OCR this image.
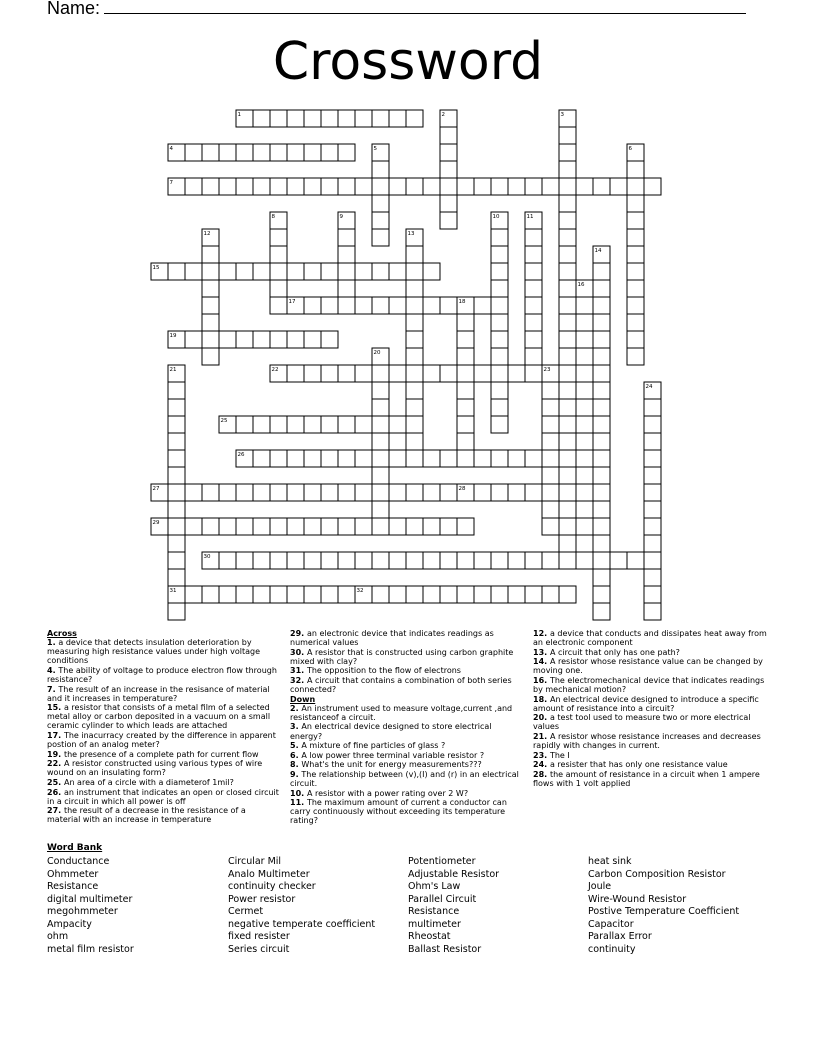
Name:
Crossword
1	2	3
4	5	6
7
8	9	10	11
12	13
14
15
16
17	18
19
20
21	22	23
24
25
26
27	28
29
30
31	32
Across
1. a device that detects insulation deterioration by measuring high resistance values under high voltage conditions
4. The ability of voltage to produce electron flow through resistance?
7. The result of an increase in the resisance of material and it increases in temperature?
15. a resistor that consists of a metal film of a selected metal alloy or carbon deposited in a vacuum on a small ceramic cylinder to which leads are attached
17. The inacurracy created by the difference in apparent postion of an analog meter?
19. the presence of a complete path for current flow
22. A resistor constructed using various types of wire wound on an insulating form?
25. An area of a circle with a diameterof 1mil?
26. an instrument that indicates an open or closed circuit in a circuit in which all power is off
27. the result of a decrease in the resistance of a material with an increase in temperature
29. an electronic device that indicates readings as numerical values
30. A resistor that is constructed using carbon graphite mixed with clay?
31. The opposition to the flow of electrons
32. A circuit that contains a combination of both series connected?
Down
2. An instrument used to measure voltage,current ,and resistanceof a circuit.
3. An electrical device designed to store electrical energy?
5. A mixture of fine particles of glass ?
6. A low power three terminal variable resistor ?
8. What's the unit for energy measurements???
9. The relationship between (v),(I) and (r) in an electrical circuit.
10. A resistor with a power rating over 2 W?
11. The maximum amount of current a conductor can carry continuously without exceeding its temperature rating?
12. a device that conducts and dissipates heat away from an electronic component
13. A circuit that only has one path?
14. A resistor whose resistance value can be changed by moving one.
16. The electromechanical device that indicates readings by mechanical motion?
18. An electrical device designed to introduce a specific amount of resistance into a circuit?
20. a test tool used to measure two or more electrical values
21. A resistor whose resistance increases and decreases rapidly with changes in current.
23. The I
24. a resister that has only one resistance value
28. the amount of resistance in a circuit when 1 ampere flows with 1 volt applied
Word Bank
Conductance
Ohmmeter
Resistance
digital multimeter
megohmmeter
Ampacity
ohm
metal film resistor
Circular Mil
Analo Multimeter
continuity checker
Power resistor
Cermet
negative temperate coefficient
fixed resister
Series circuit
Potentiometer
Adjustable Resistor
Ohm's Law
Parallel Circuit
Resistance
multimeter
Rheostat
Ballast Resistor
heat sink
Carbon Composition Resistor
Joule
Wire-Wound Resistor
Postive Temperature Coefficient
Capacitor
Parallax Error
continuity
